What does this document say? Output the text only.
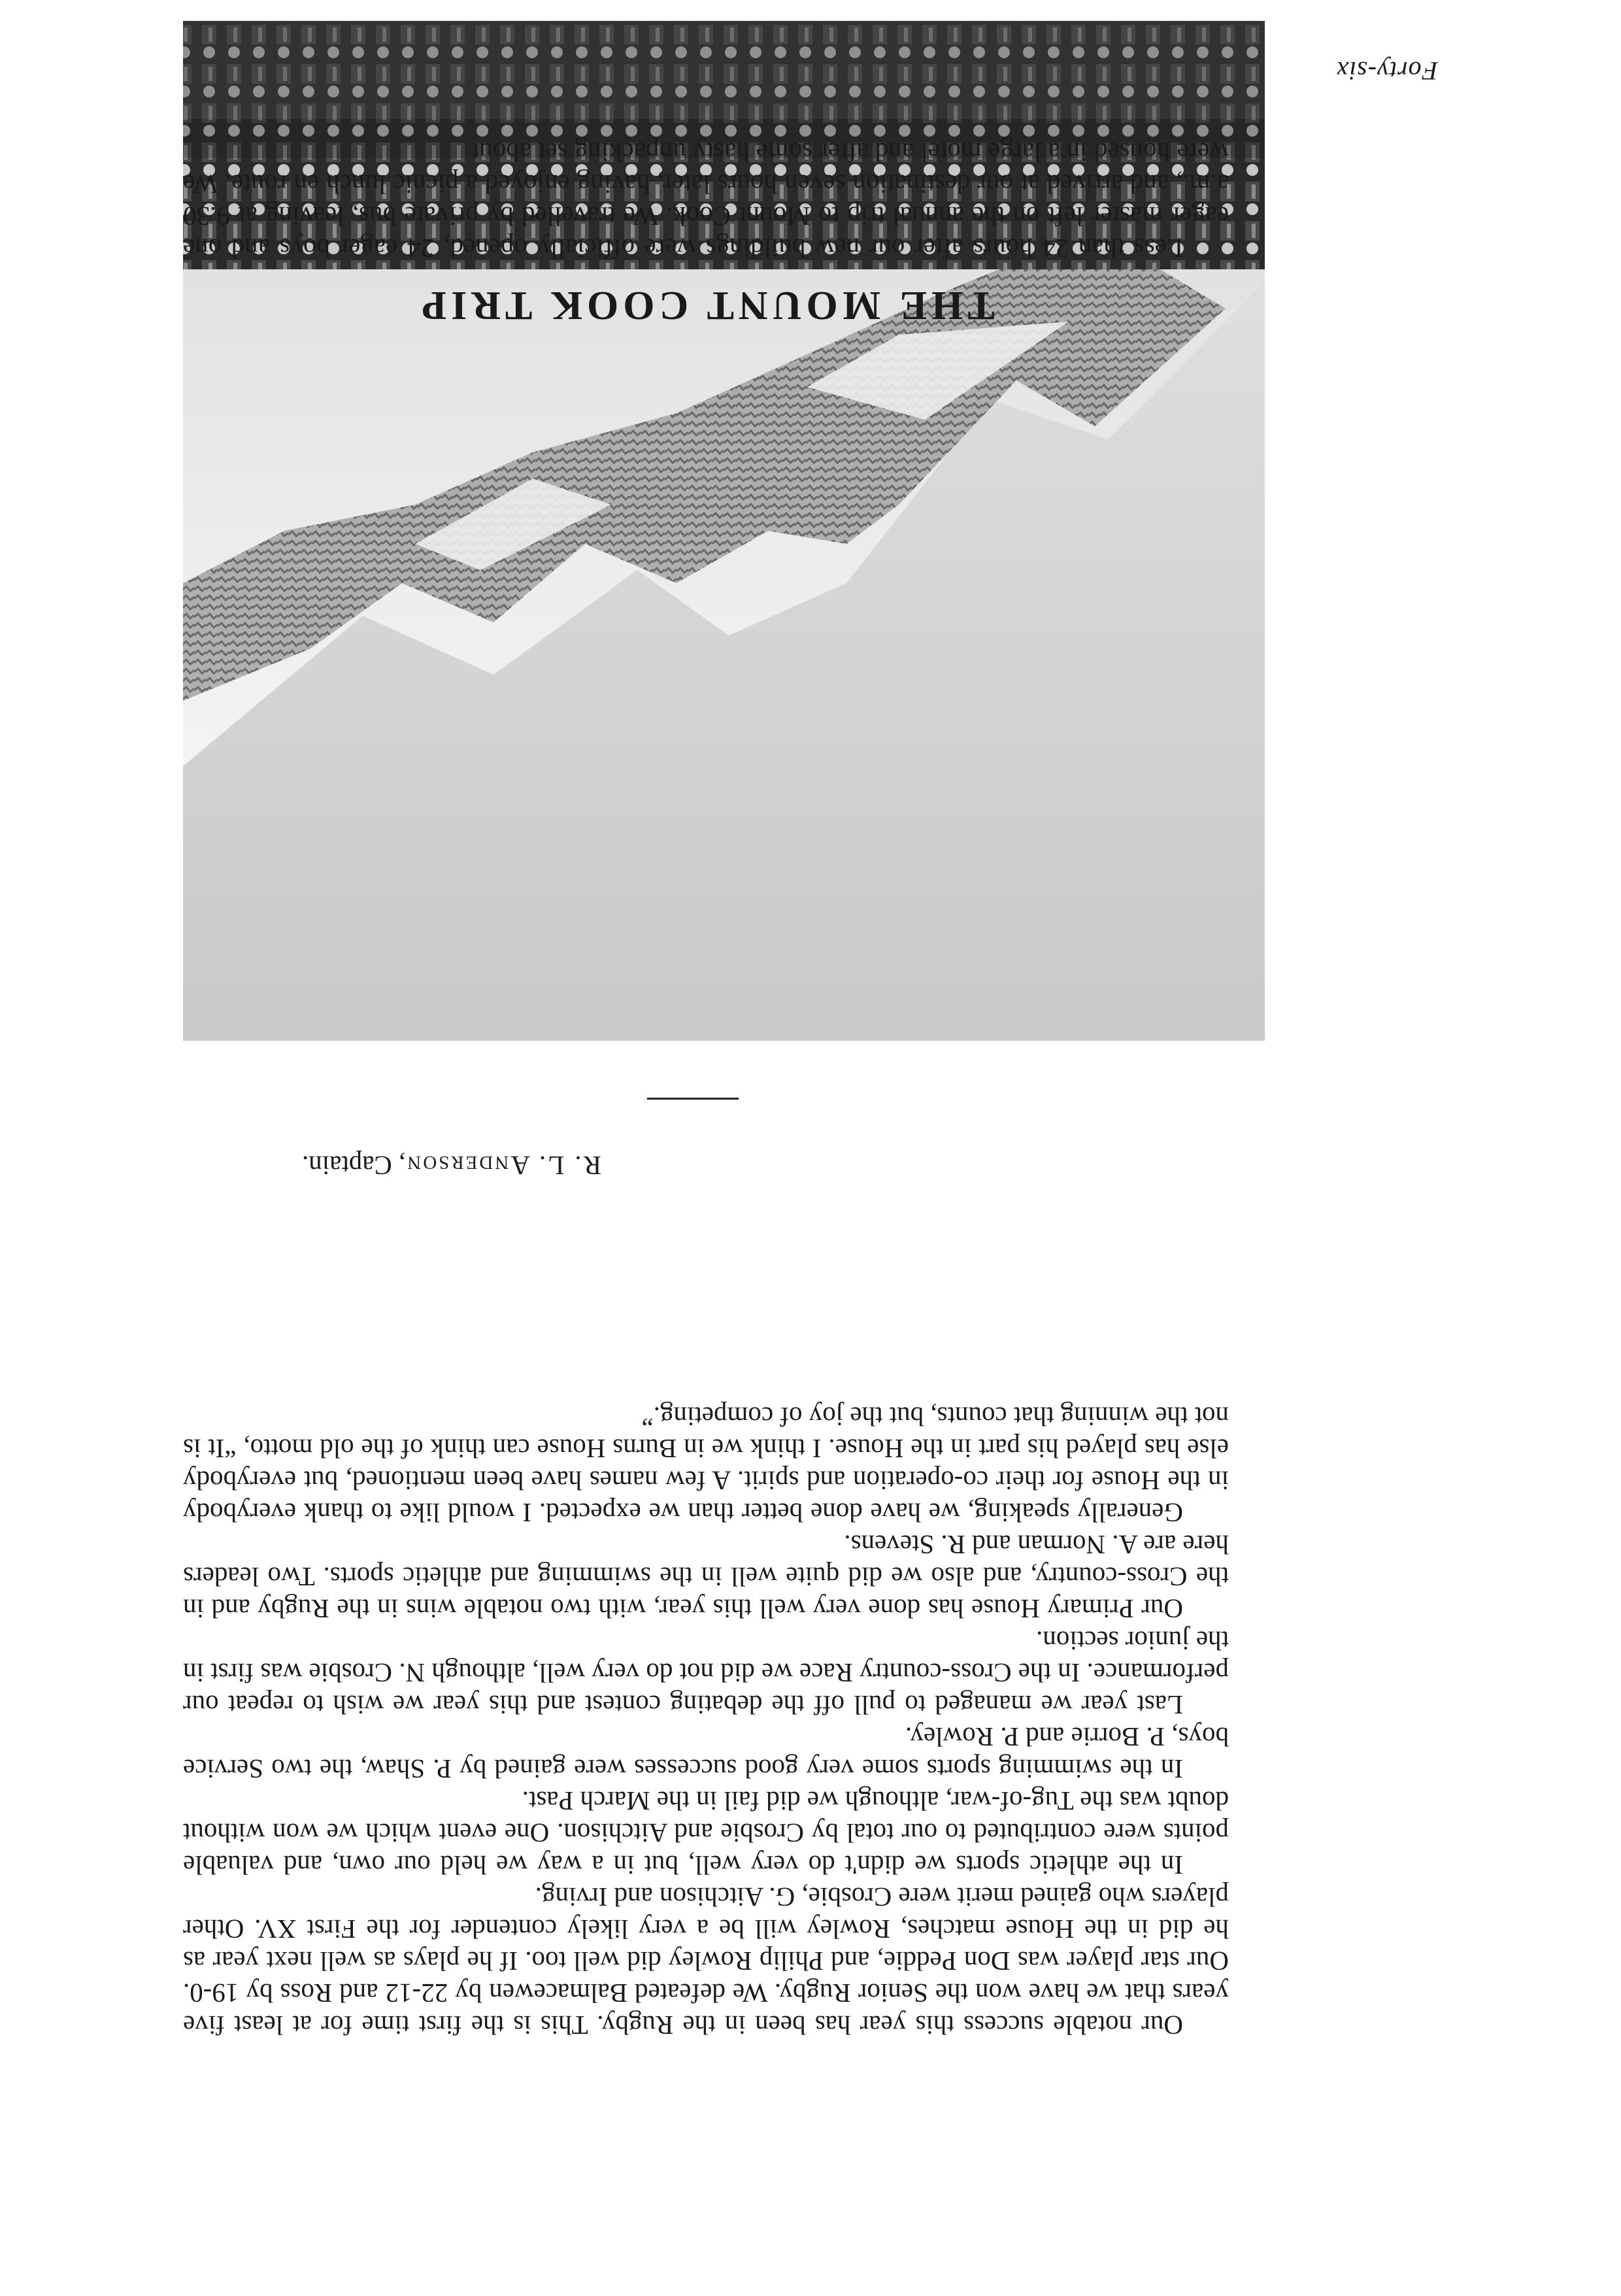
Our notable success this year has been in the Rugby. This is the first time for at least five years that we have won the Senior Rugby. We defeated Balmacewen by 22-12 and Ross by 19-0. Our star player was Don Peddie, and Philip Rowley did well too. If he plays as well next year as he did in the House matches, Rowley will be a very likely contender for the First XV. Other players who gained merit were Crosbie, G. Aitchison and Irving.

In the athletic sports we didn't do very well, but in a way we held our own, and valuable points were contributed to our total by Crosbie and Aitchison. One event which we won without doubt was the Tug-of-war, although we did fail in the March Past.

In the swimming sports some very good successes were gained by P. Shaw, the two Service boys, P. Borrie and P. Rowley.

Last year we managed to pull off the debating contest and this year we wish to repeat our performance. In the Cross-country Race we did not do very well, although N. Crosbie was first in the junior section.

Our Primary House has done very well this year, with two notable wins in the Rugby and in the Cross-country, and also we did quite well in the swimming and athletic sports. Two leaders here are A. Norman and R. Stevens.

Generally speaking, we have done better than we expected. I would like to thank everybody in the House for their co-operation and spirit. A few names have been mentioned, but everybody else has played his part in the House. I think we in Burns House can think of the old motto, “It is not the winning that counts, but the joy of competing.”

R. L. Anderson, Captain.
THE MOUNT COOK TRIP

Less than 24 hours after our new buildings were officially opened, 24 eager boys and one eager master left on the annual trip to Mount Cook. We travelled by private bus, leaving at 9.30 a.m., and arrived at our destination seven hours later, having enjoyed a picnic lunch en route. We were housed in a large motel and after some hasty unpacking set about

Forty-six
